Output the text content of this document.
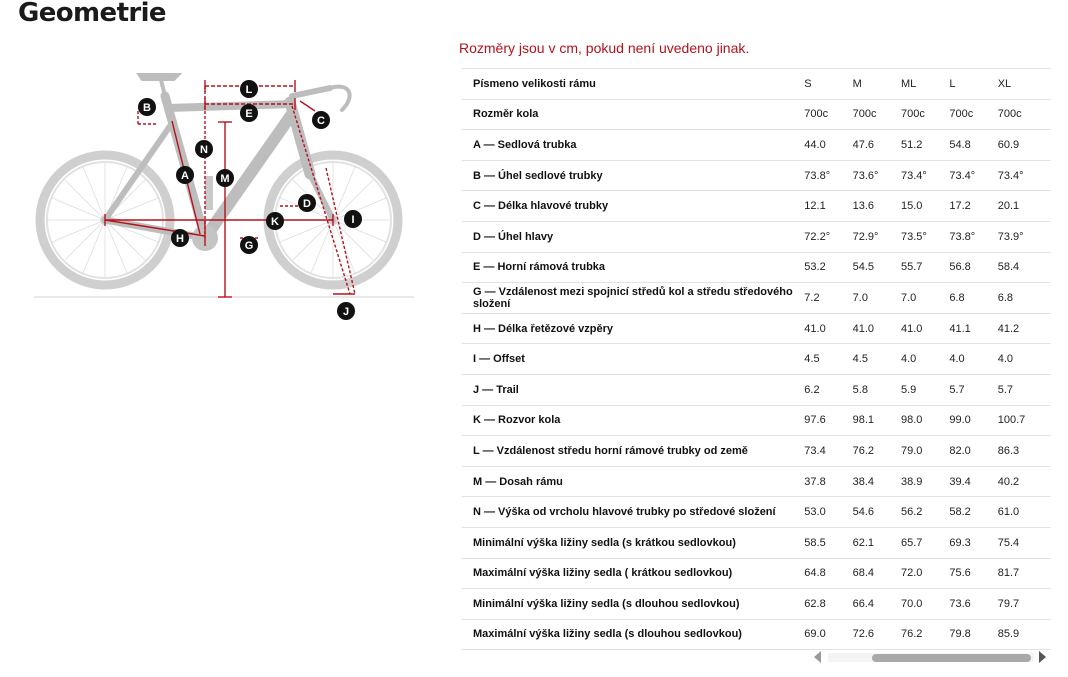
Geometrie
L
B	E
C
N
A	M
D
I
K
H
G
J
Rozměry jsou v cm, pokud není uvedeno jinak.
Písmeno velikosti rámu	S	M	ML	L	XL
Rozměr kola	700c	700c	700c	700c	700c
A — Sedlová trubka	44.0	47.6	51.2	54.8	60.9
B — Úhel sedlové trubky	73.8°	73.6°	73.4°	73.4°	73.4°
C — Délka hlavové trubky	12.1	13.6	15.0	17.2	20.1
D — Úhel hlavy	72.2°	72.9°	73.5°	73.8°	73.9°
E — Horní rámová trubka	53.2	54.5	55.7	56.8	58.4
G — Vzdálenost mezi spojnicí středů kol a středu středového složení	7.2	7.0	7.0	6.8	6.8
H — Délka řetězové vzpěry	41.0	41.0	41.0	41.1	41.2
I — Offset	4.5	4.5	4.0	4.0	4.0
J — Trail	6.2	5.8	5.9	5.7	5.7
K — Rozvor kola	97.6	98.1	98.0	99.0	100.7
L — Vzdálenost středu horní rámové trubky od země	73.4	76.2	79.0	82.0	86.3
M — Dosah rámu	37.8	38.4	38.9	39.4	40.2
N — Výška od vrcholu hlavové trubky po středové složení	53.0	54.6	56.2	58.2	61.0
Minimální výška ližiny sedla (s krátkou sedlovkou)	58.5	62.1	65.7	69.3	75.4
Maximální výška ližiny sedla ( krátkou sedlovkou)	64.8	68.4	72.0	75.6	81.7
Minimální výška ližiny sedla (s dlouhou sedlovkou)	62.8	66.4	70.0	73.6	79.7
Maximální výška ližiny sedla (s dlouhou sedlovkou)	69.0	72.6	76.2	79.8	85.9
